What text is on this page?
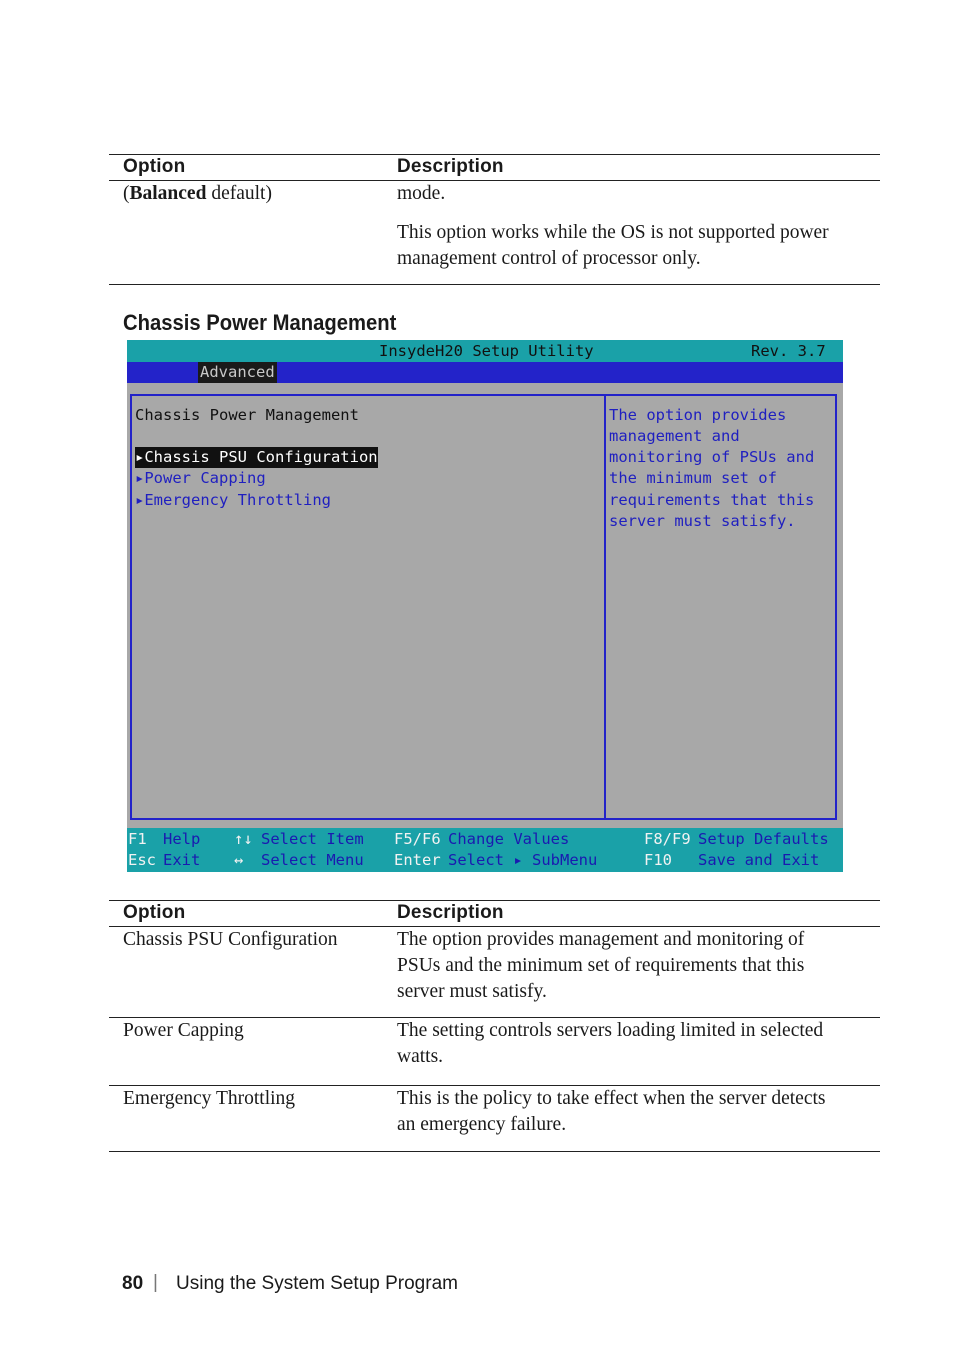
Option	Description
(Balanced default)	mode.
This option works while the OS is not supported power
management control of processor only.
Chassis Power Management
InsydeH20 Setup Utility	Rev. 3.7
Advanced
Chassis Power Management
▸Chassis PSU Configuration
▸Power Capping
▸Emergency Throttling
The option provides
management and
monitoring of PSUs and
the minimum set of
requirements that this
server must satisfy.
F1 Help ↑↓ Select Item F5/F6 Change Values	F8/F9 Setup Defaults
Esc Exit ↔ Select Menu Enter Select ▸ SubMenu	F10 Save and Exit
Option	Description
Chassis PSU Configuration	The option provides management and monitoring of
PSUs and the minimum set of requirements that this
server must satisfy.
Power Capping	The setting controls servers loading limited in selected
watts.
Emergency Throttling	This is the policy to take effect when the server detects
an emergency failure.
80 | Using the System Setup Program
